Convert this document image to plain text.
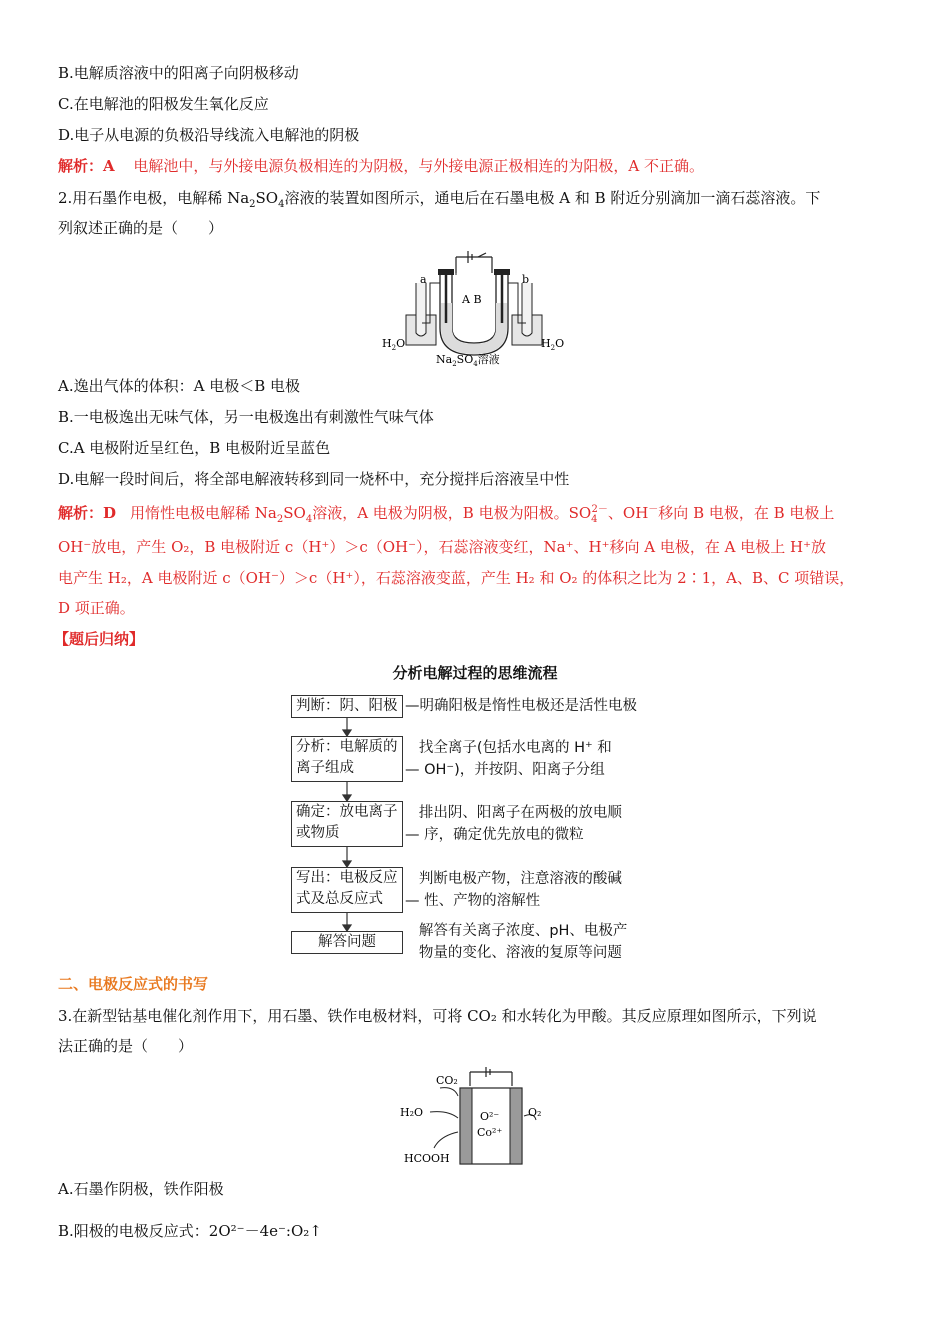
B.电解质溶液中的阳离子向阴极移动
C.在电解池的阳极发生氧化反应
D.电子从电源的负极沿导线流入电解池的阴极
解析：A 电解池中，与外接电源负极相连的为阴极，与外接电源正极相连的为阳极，A 不正确。
2.用石墨作电极，电解稀 $Na_2SO_4$溶液的装置如图所示，通电后在石墨电极 A 和 B 附近分别滴加一滴石蕊溶液。下
列叙述正确的是（　　）
a	b
A B
$H_2O$	$H_2O$
$Na_2SO_4$溶液
A.逸出气体的体积：A 电极＜B 电极
B.一电极逸出无味气体，另一电极逸出有刺激性气味气体
C.A 电极附近呈红色，B 电极附近呈蓝色
D.电解一段时间后，将全部电解液转移到同一烧杯中，充分搅拌后溶液呈中性
解析：D 用惰性电极电解稀 $Na_2SO_4$溶液，A 电极为阴极，B 电极为阳极。$SO_4^{2-}$、OH－移向 B 电极，在 B 电极上
OH⁻放电，产生 O₂，B 电极附近 c（H⁺）＞c（OH⁻），石蕊溶液变红，Na⁺、H⁺移向 A 电极，在 A 电极上 H⁺放
电产生 H₂，A 电极附近 c（OH⁻）＞c（H⁺），石蕊溶液变蓝，产生 H₂ 和 O₂ 的体积之比为 2∶1，A、B、C 项错误，
D 项正确。
【题后归纳】
分析电解过程的思维流程
判断：阴、阳极 —明确阳极是惰性电极还是活性电极
分析：电解质的
离子组成
找全离子(包括水电离的 H⁺ 和
— OH⁻)，并按阴、阳离子分组
确定：放电离子
或物质
排出阴、阳离子在两极的放电顺
— 序，确定优先放电的微粒
写出：电极反应
式及总反应式
判断电极产物，注意溶液的酸碱
— 性、产物的溶解性
解答问题
解答有关离子浓度、pH、电极产
物量的变化、溶液的复原等问题
二、电极反应式的书写
3.在新型钴基电催化剂作用下，用石墨、铁作电极材料，可将 CO₂ 和水转化为甲酸。其反应原理如图所示，下列说
法正确的是（　　）
CO₂
H₂O
HCOOH
O₂
O²⁻
Co²⁺
A.石墨作阴极，铁作阳极
B.阳极的电极反应式：2O²⁻－4e⁻:O₂↑
